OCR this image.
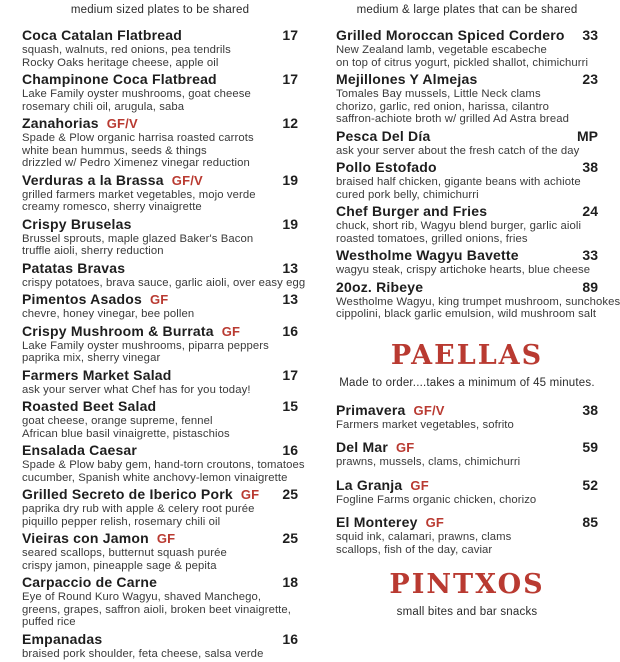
medium sized plates to be shared
Coca Catalan Flatbread	17
squash, walnuts, red onions, pea tendrils
Rocky Oaks heritage cheese, apple oil
Champinone Coca Flatbread	17
Lake Family oyster mushrooms, goat cheese
rosemary chili oil, arugula, saba
Zanahorias GF/V	12
Spade & Plow organic harrisa roasted carrots
white bean hummus, seeds & things
drizzled w/ Pedro Ximenez vinegar reduction
Verduras a la Brassa GF/V	19
grilled farmers market vegetables, mojo verde
creamy romesco, sherry vinaigrette
Crispy Bruselas	19
Brussel sprouts, maple glazed Baker's Bacon
truffle aioli, sherry reduction
Patatas Bravas	13
crispy potatoes, brava sauce, garlic aioli, over easy egg
Pimentos Asados GF	13
chevre, honey vinegar, bee pollen
Crispy Mushroom & Burrata GF	16
Lake Family oyster mushrooms, piparra peppers
paprika mix, sherry vinegar
Farmers Market Salad	17
ask your server what Chef has for you today!
Roasted Beet Salad	15
goat cheese, orange supreme, fennel
African blue basil vinaigrette, pistaschios
Ensalada Caesar	16
Spade & Plow baby gem, hand-torn croutons, tomatoes
cucumber, Spanish white anchovy-lemon vinaigrette
Grilled Secreto de Iberico Pork GF	25
paprika dry rub with apple & celery root purée
piquillo pepper relish, rosemary chili oil
Vieiras con Jamon GF	25
seared scallops, butternut squash purée
crispy jamon, pineapple sage & pepita
Carpaccio de Carne	18
Eye of Round Kuro Wagyu, shaved Manchego,
greens, grapes, saffron aioli, broken beet vinaigrette,
puffed rice
Empanadas	16
braised pork shoulder, feta cheese, salsa verde
medium & large plates that can be shared
Grilled Moroccan Spiced Cordero	33
New Zealand lamb, vegetable escabeche
on top of citrus yogurt, pickled shallot, chimichurri
Mejillones Y Almejas	23
Tomales Bay mussels, Little Neck clams
chorizo, garlic, red onion, harissa, cilantro
saffron-achiote broth w/ grilled Ad Astra bread
Pesca Del Día	MP
ask your server about the fresh catch of the day
Pollo Estofado	38
braised half chicken, gigante beans with achiote
cured pork belly, chimichurri
Chef Burger and Fries	24
chuck, short rib, Wagyu blend burger, garlic aioli
roasted tomatoes, grilled onions, fries
Westholme Wagyu Bavette	33
wagyu steak, crispy artichoke hearts, blue cheese
20oz. Ribeye	89
Westholme Wagyu, king trumpet mushroom, sunchokes
cippolini, black garlic emulsion, wild mushroom salt
PAELLAS
Made to order....takes a minimum of 45 minutes.
Primavera GF/V	38
Farmers market vegetables, sofrito
Del Mar GF	59
prawns, mussels, clams, chimichurri
La Granja GF	52
Fogline Farms organic chicken, chorizo
El Monterey GF	85
squid ink, calamari, prawns, clams
scallops, fish of the day, caviar
PINTXOS
small bites and bar snacks
